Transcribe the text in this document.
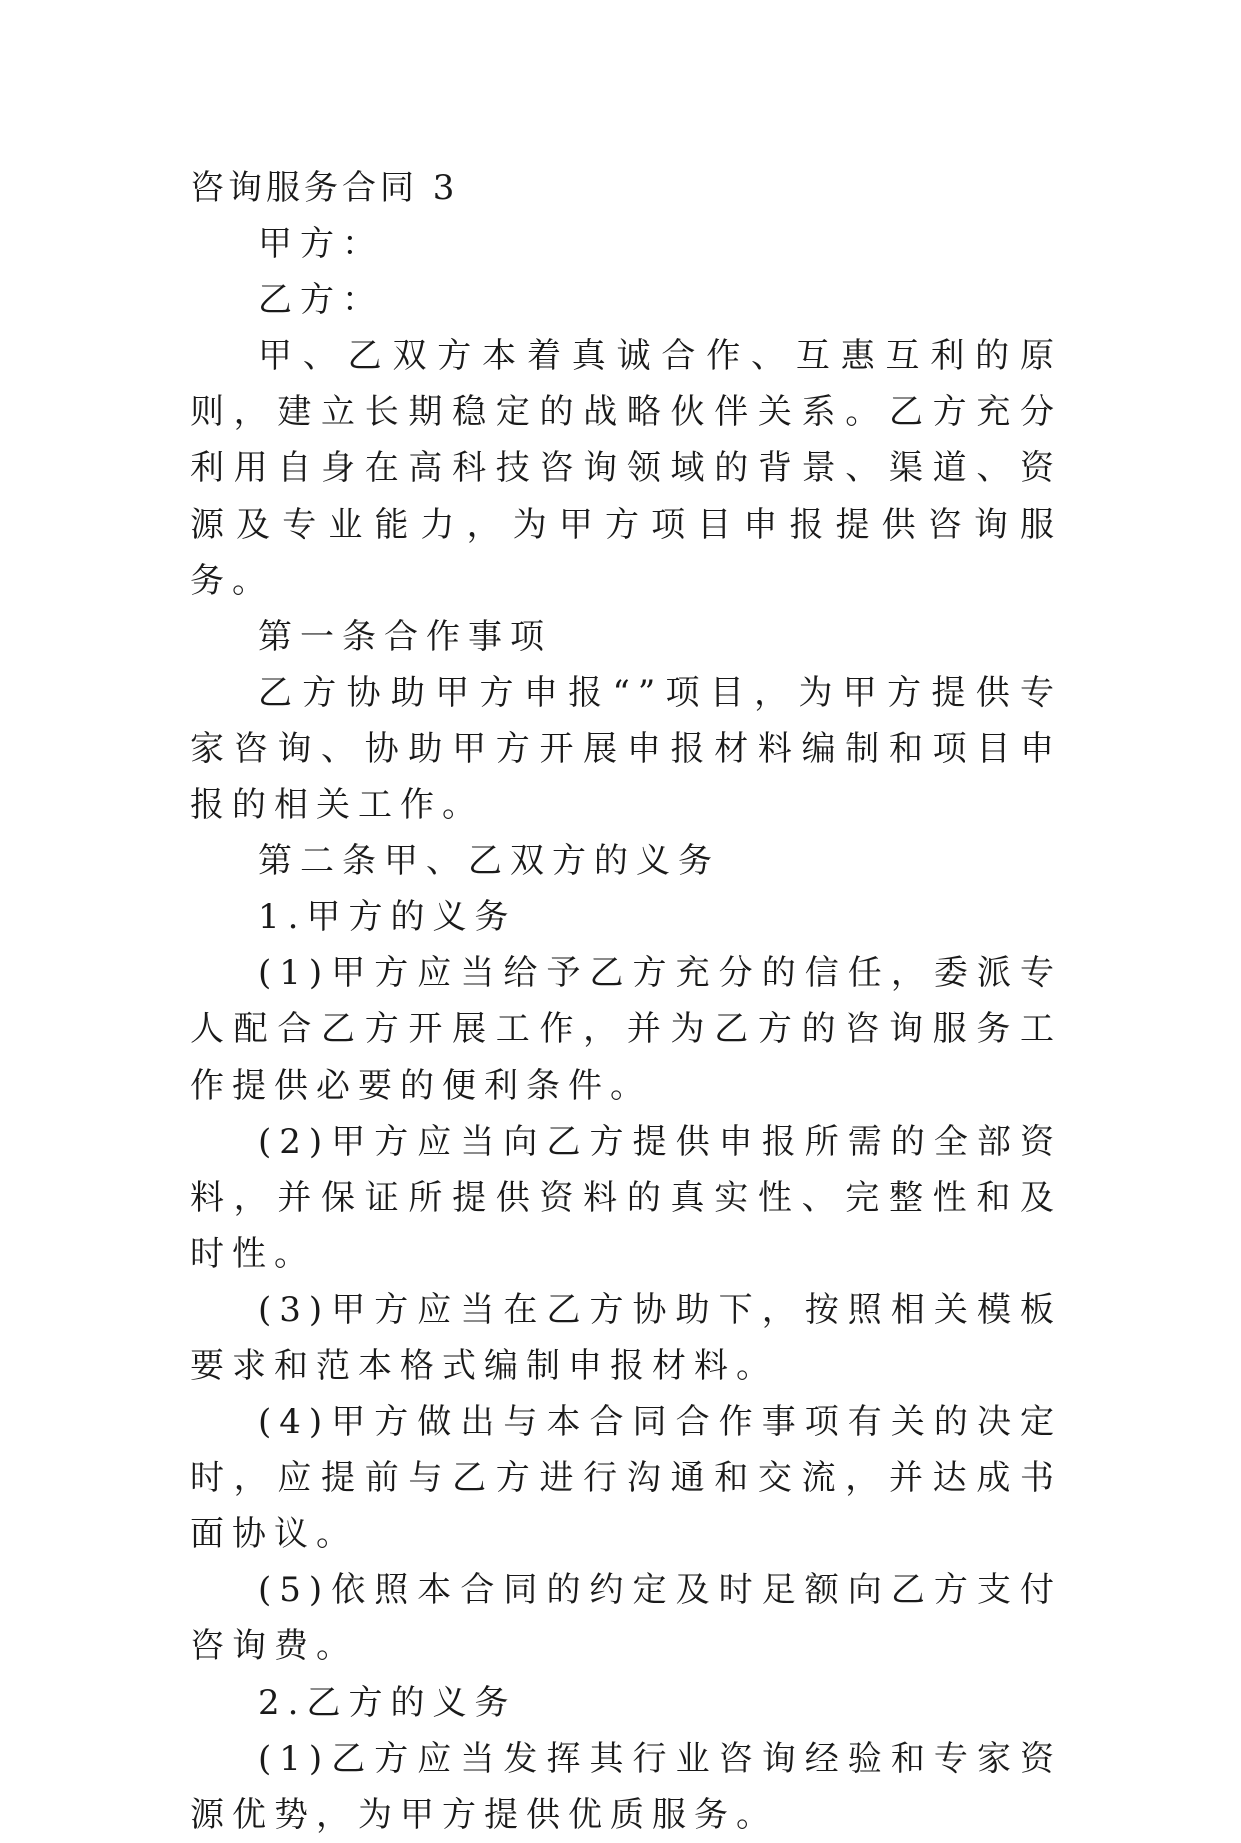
咨询服务合同 3

甲方：

乙方：

甲、乙双方本着真诚合作、互惠互利的原则，建立长期稳定的战略伙伴关系。乙方充分利用自身在高科技咨询领域的背景、渠道、资源及专业能力，为甲方项目申报提供咨询服务。

第一条合作事项

乙方协助甲方申报“”项目，为甲方提供专家咨询、协助甲方开展申报材料编制和项目申报的相关工作。

第二条甲、乙双方的义务

1.甲方的义务

(1)甲方应当给予乙方充分的信任，委派专人配合乙方开展工作，并为乙方的咨询服务工作提供必要的便利条件。

(2)甲方应当向乙方提供申报所需的全部资料，并保证所提供资料的真实性、完整性和及时性。

(3)甲方应当在乙方协助下，按照相关模板要求和范本格式编制申报材料。

(4)甲方做出与本合同合作事项有关的决定时，应提前与乙方进行沟通和交流，并达成书面协议。

(5)依照本合同的约定及时足额向乙方支付咨询费。

2.乙方的义务

(1)乙方应当发挥其行业咨询经验和专家资源优势，为甲方提供优质服务。
